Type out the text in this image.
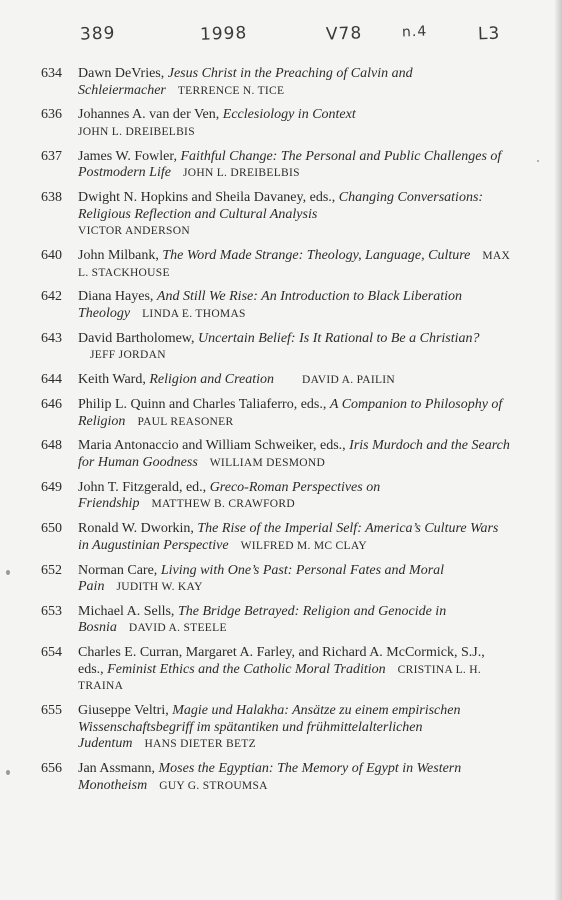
389	1998	V78	n.4	L3
634	Dawn DeVries, Jesus Christ in the Preaching of Calvin and Schleiermacher TERRENCE N. TICE
636	Johannes A. van der Ven, Ecclesiology in Context
JOHN L. DREIBELBIS
637	James W. Fowler, Faithful Change: The Personal and Public Challenges of Postmodern Life JOHN L. DREIBELBIS
638	Dwight N. Hopkins and Sheila Davaney, eds., Changing Conversations: Religious Reflection and Cultural Analysis
VICTOR ANDERSON
640	John Milbank, The Word Made Strange: Theology, Language, Culture MAX L. STACKHOUSE
642	Diana Hayes, And Still We Rise: An Introduction to Black Liberation Theology LINDA E. THOMAS
643	David Bartholomew, Uncertain Belief: Is It Rational to Be a Christian?JEFF JORDAN
644	Keith Ward, Religion and Creation DAVID A. PAILIN
646	Philip L. Quinn and Charles Taliaferro, eds., A Companion to Philosophy of Religion PAUL REASONER
648	Maria Antonaccio and William Schweiker, eds., Iris Murdoch and the Search for Human Goodness WILLIAM DESMOND
649	John T. Fitzgerald, ed., Greco-Roman Perspectives on Friendship MATTHEW B. CRAWFORD
650	Ronald W. Dworkin, The Rise of the Imperial Self: America’s Culture Wars in Augustinian Perspective WILFRED M. MC CLAY
652	Norman Care, Living with One’s Past: Personal Fates and Moral Pain JUDITH W. KAY
653	Michael A. Sells, The Bridge Betrayed: Religion and Genocide in Bosnia DAVID A. STEELE
654	Charles E. Curran, Margaret A. Farley, and Richard A. McCormick, S.J., eds., Feminist Ethics and the Catholic Moral Tradition CRISTINA L. H. TRAINA
655	Giuseppe Veltri, Magie und Halakha: Ansätze zu einem empirischen Wissenschaftsbegriff im spätantiken und frühmittelalterlichen Judentum HANS DIETER BETZ
656	Jan Assmann, Moses the Egyptian: The Memory of Egypt in Western Monotheism GUY G. STROUMSA
